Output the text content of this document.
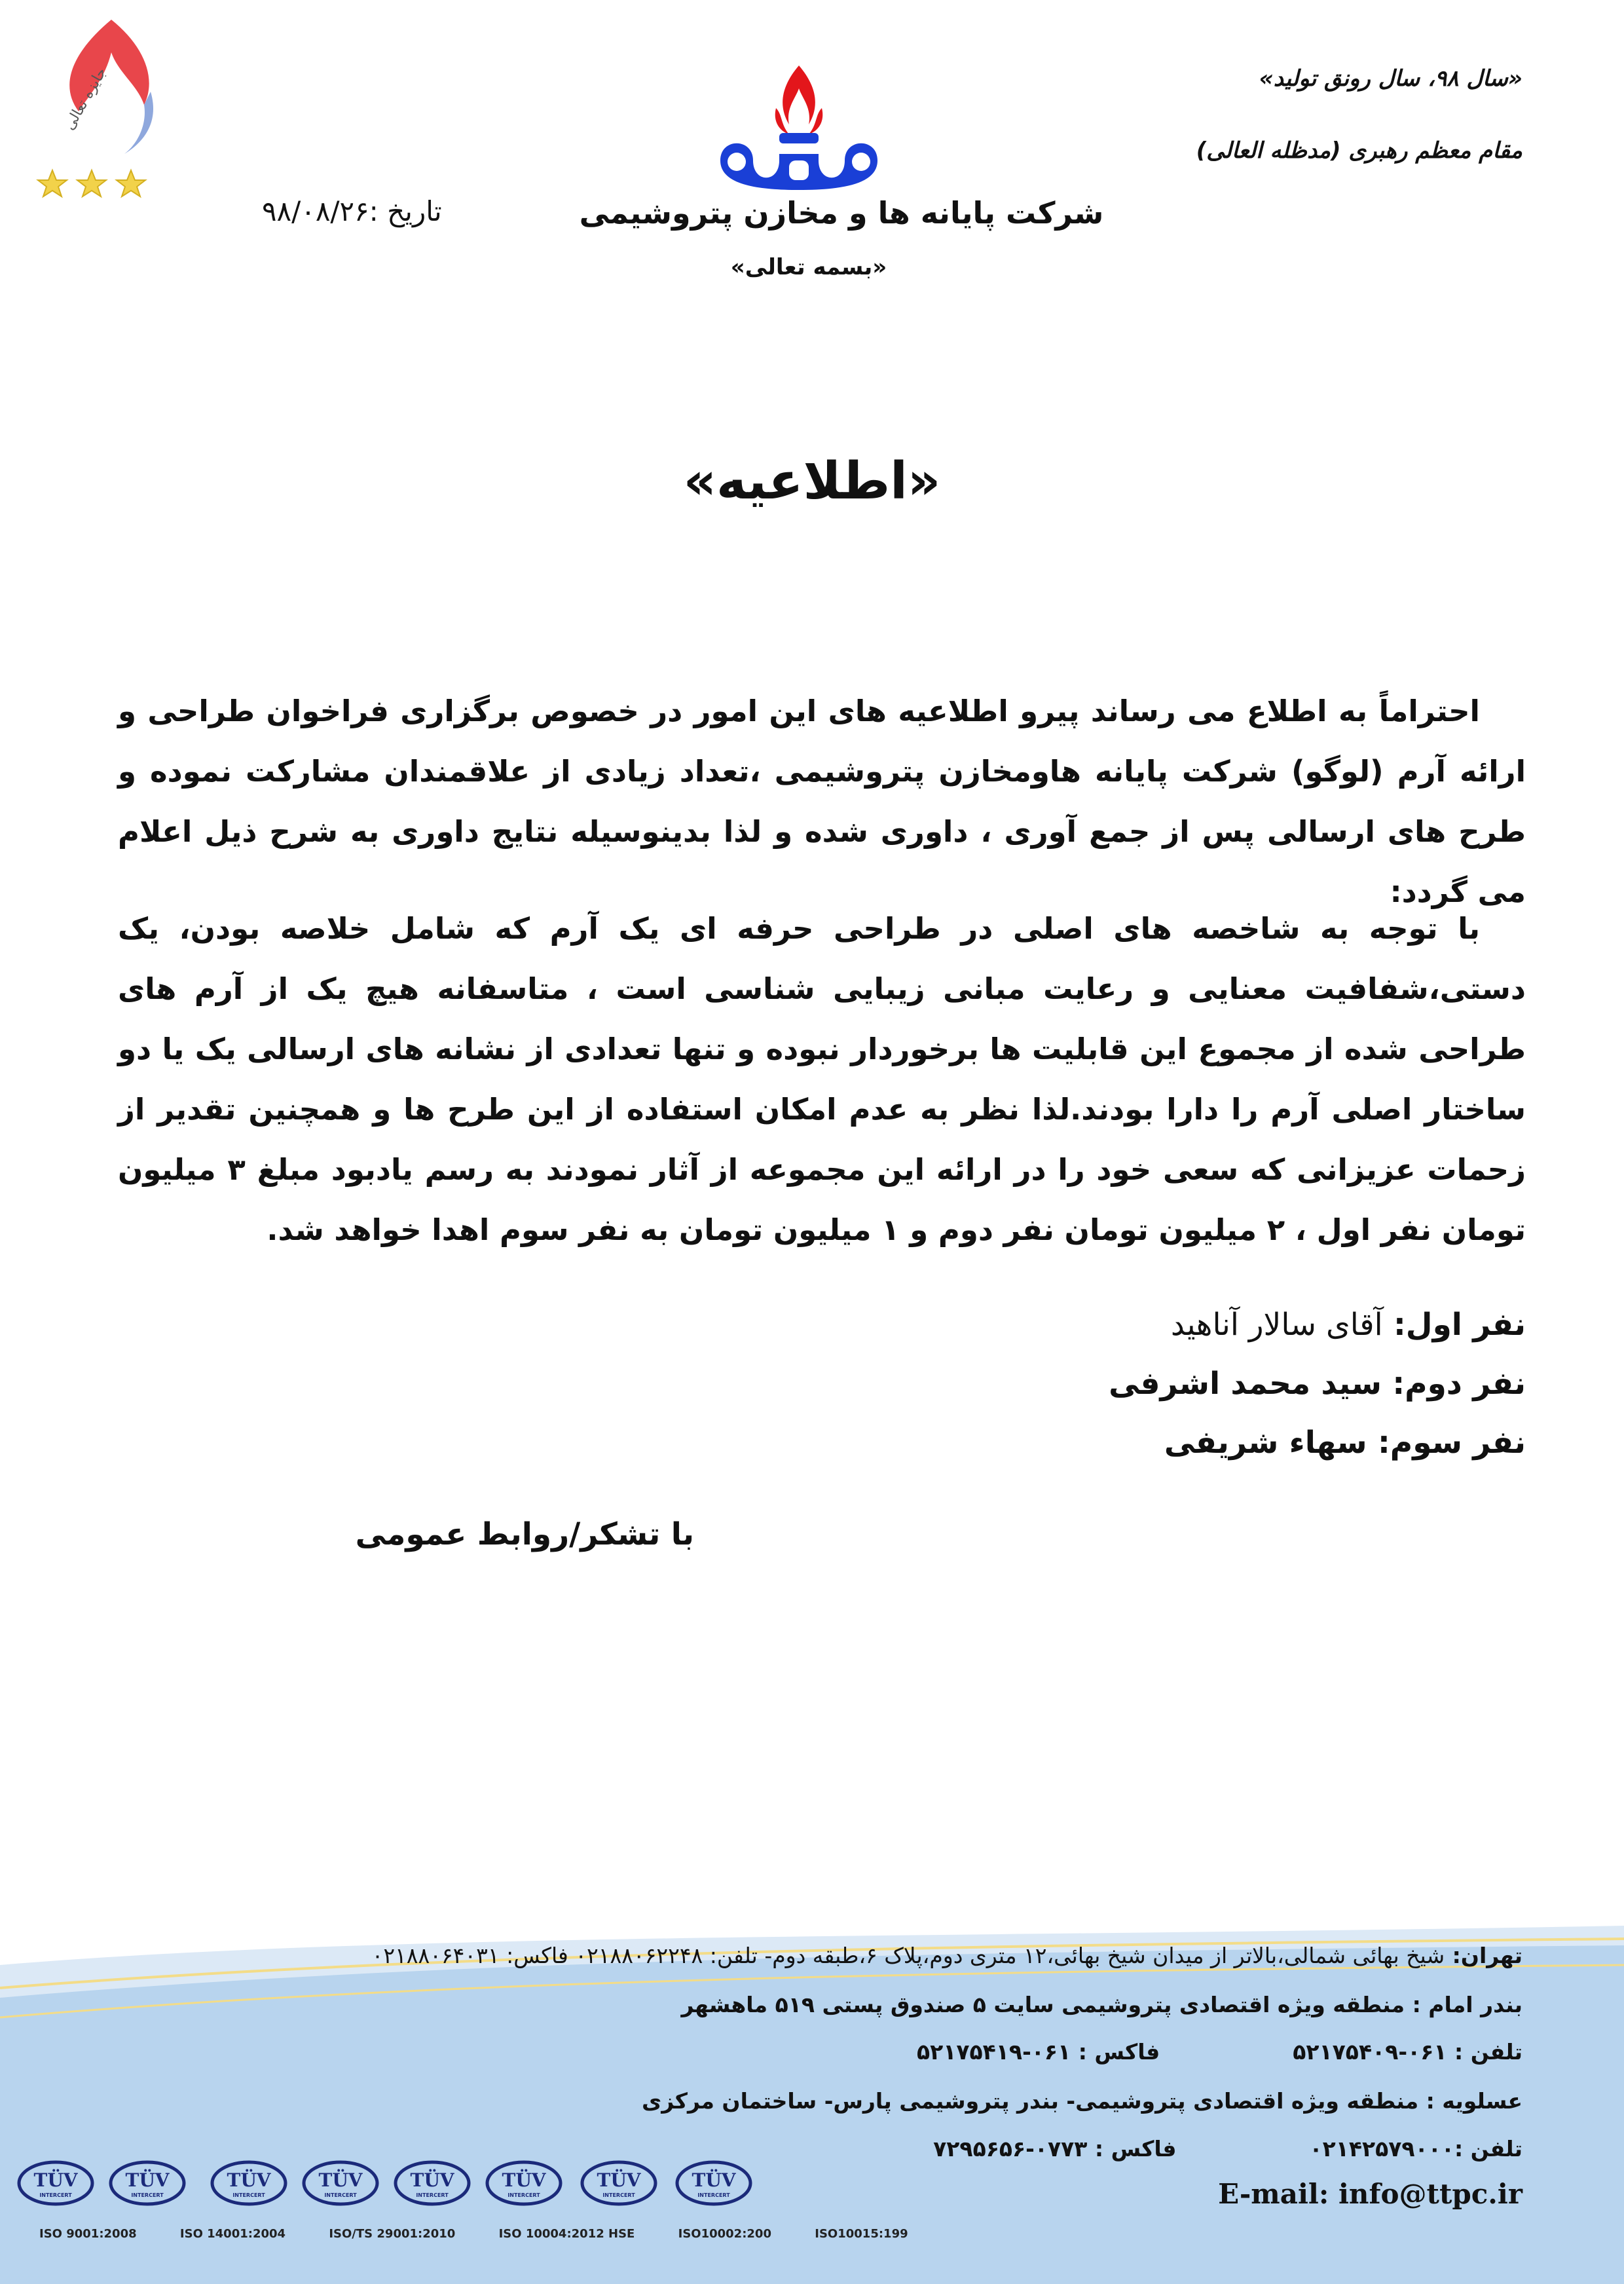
جایزه تعالی
شرکت پایانه ها و مخازن پتروشیمی
«بسمه تعالی»
تاریخ :۹۸/۰۸/۲۶
«سال ۹۸، سال رونق تولید»
مقام معظم رهبری (مدظله العالی)
«اطلاعیه»

احتراماً به اطلاع می رساند پیرو اطلاعیه های این امور در خصوص برگزاری فراخوان طراحی و ارائه آرم (لوگو) شرکت پایانه هاومخازن پتروشیمی ،تعداد زیادی از علاقمندان مشارکت نموده و طرح های ارسالی پس از جمع آوری ، داوری شده و لذا بدینوسیله نتایج داوری به شرح ذیل اعلام می گردد:

با توجه به شاخصه های اصلی در طراحی حرفه ای یک آرم که شامل خلاصه بودن، یک دستی،شفافیت معنایی و رعایت مبانی زیبایی شناسی است ، متاسفانه هیچ یک از آرم های طراحی شده از مجموع این قابلیت ها برخوردار نبوده و تنها تعدادی از نشانه های ارسالی یک یا دو ساختار اصلی آرم را دارا بودند.لذا نظر به عدم امکان استفاده از این طرح ها و همچنین تقدیر از زحمات عزیزانی که سعی خود را در ارائه این مجموعه از آثار نمودند به رسم یادبود مبلغ ۳ میلیون تومان نفر اول ، ۲ میلیون تومان نفر دوم و ۱ میلیون تومان به نفر سوم اهدا خواهد شد.

نفر اول: آقای سالار آناهید
نفر دوم: سید محمد اشرفی
نفر سوم: سهاء شریفی
با تشکر/روابط عمومی
تهران: شیخ بهائی شمالی،بالاتر از میدان شیخ بهائی،۱۲ متری دوم،پلاک ۶،طبقه دوم- تلفن: ۰۲۱۸۸۰۶۲۲۴۸ فاکس: ۰۲۱۸۸۰۶۴۰۳۱
بندر امام : منطقه ویژه اقتصادی پتروشیمی سایت ۵ صندوق پستی ۵۱۹ ماهشهر
تلفن : ۰۶۱-۵۲۱۷۵۴۰۹  فاکس : ۰۶۱-۵۲۱۷۵۴۱۹
عسلویه : منطقه ویژه اقتصادی پتروشیمی- بندر پتروشیمی پارس- ساختمان مرکزی
تلفن :۰۲۱۴۲۵۷۹۰۰۰  فاکس : ۰۷۷۳-۷۲۹۵۶۵۶
E-mail: info@ttpc.ir
ISO 9001:2008	ISO 14001:2004	ISO/TS 29001:2010	ISO 10004:2012 HSE	ISO10002:200	ISO10015:199
TÜV
INTERCERT
TÜV
INTERCERT
TÜV
INTERCERT
TÜV
INTERCERT
TÜV
INTERCERT
TÜV
INTERCERT
TÜV
INTERCERT
TÜV
INTERCERT
